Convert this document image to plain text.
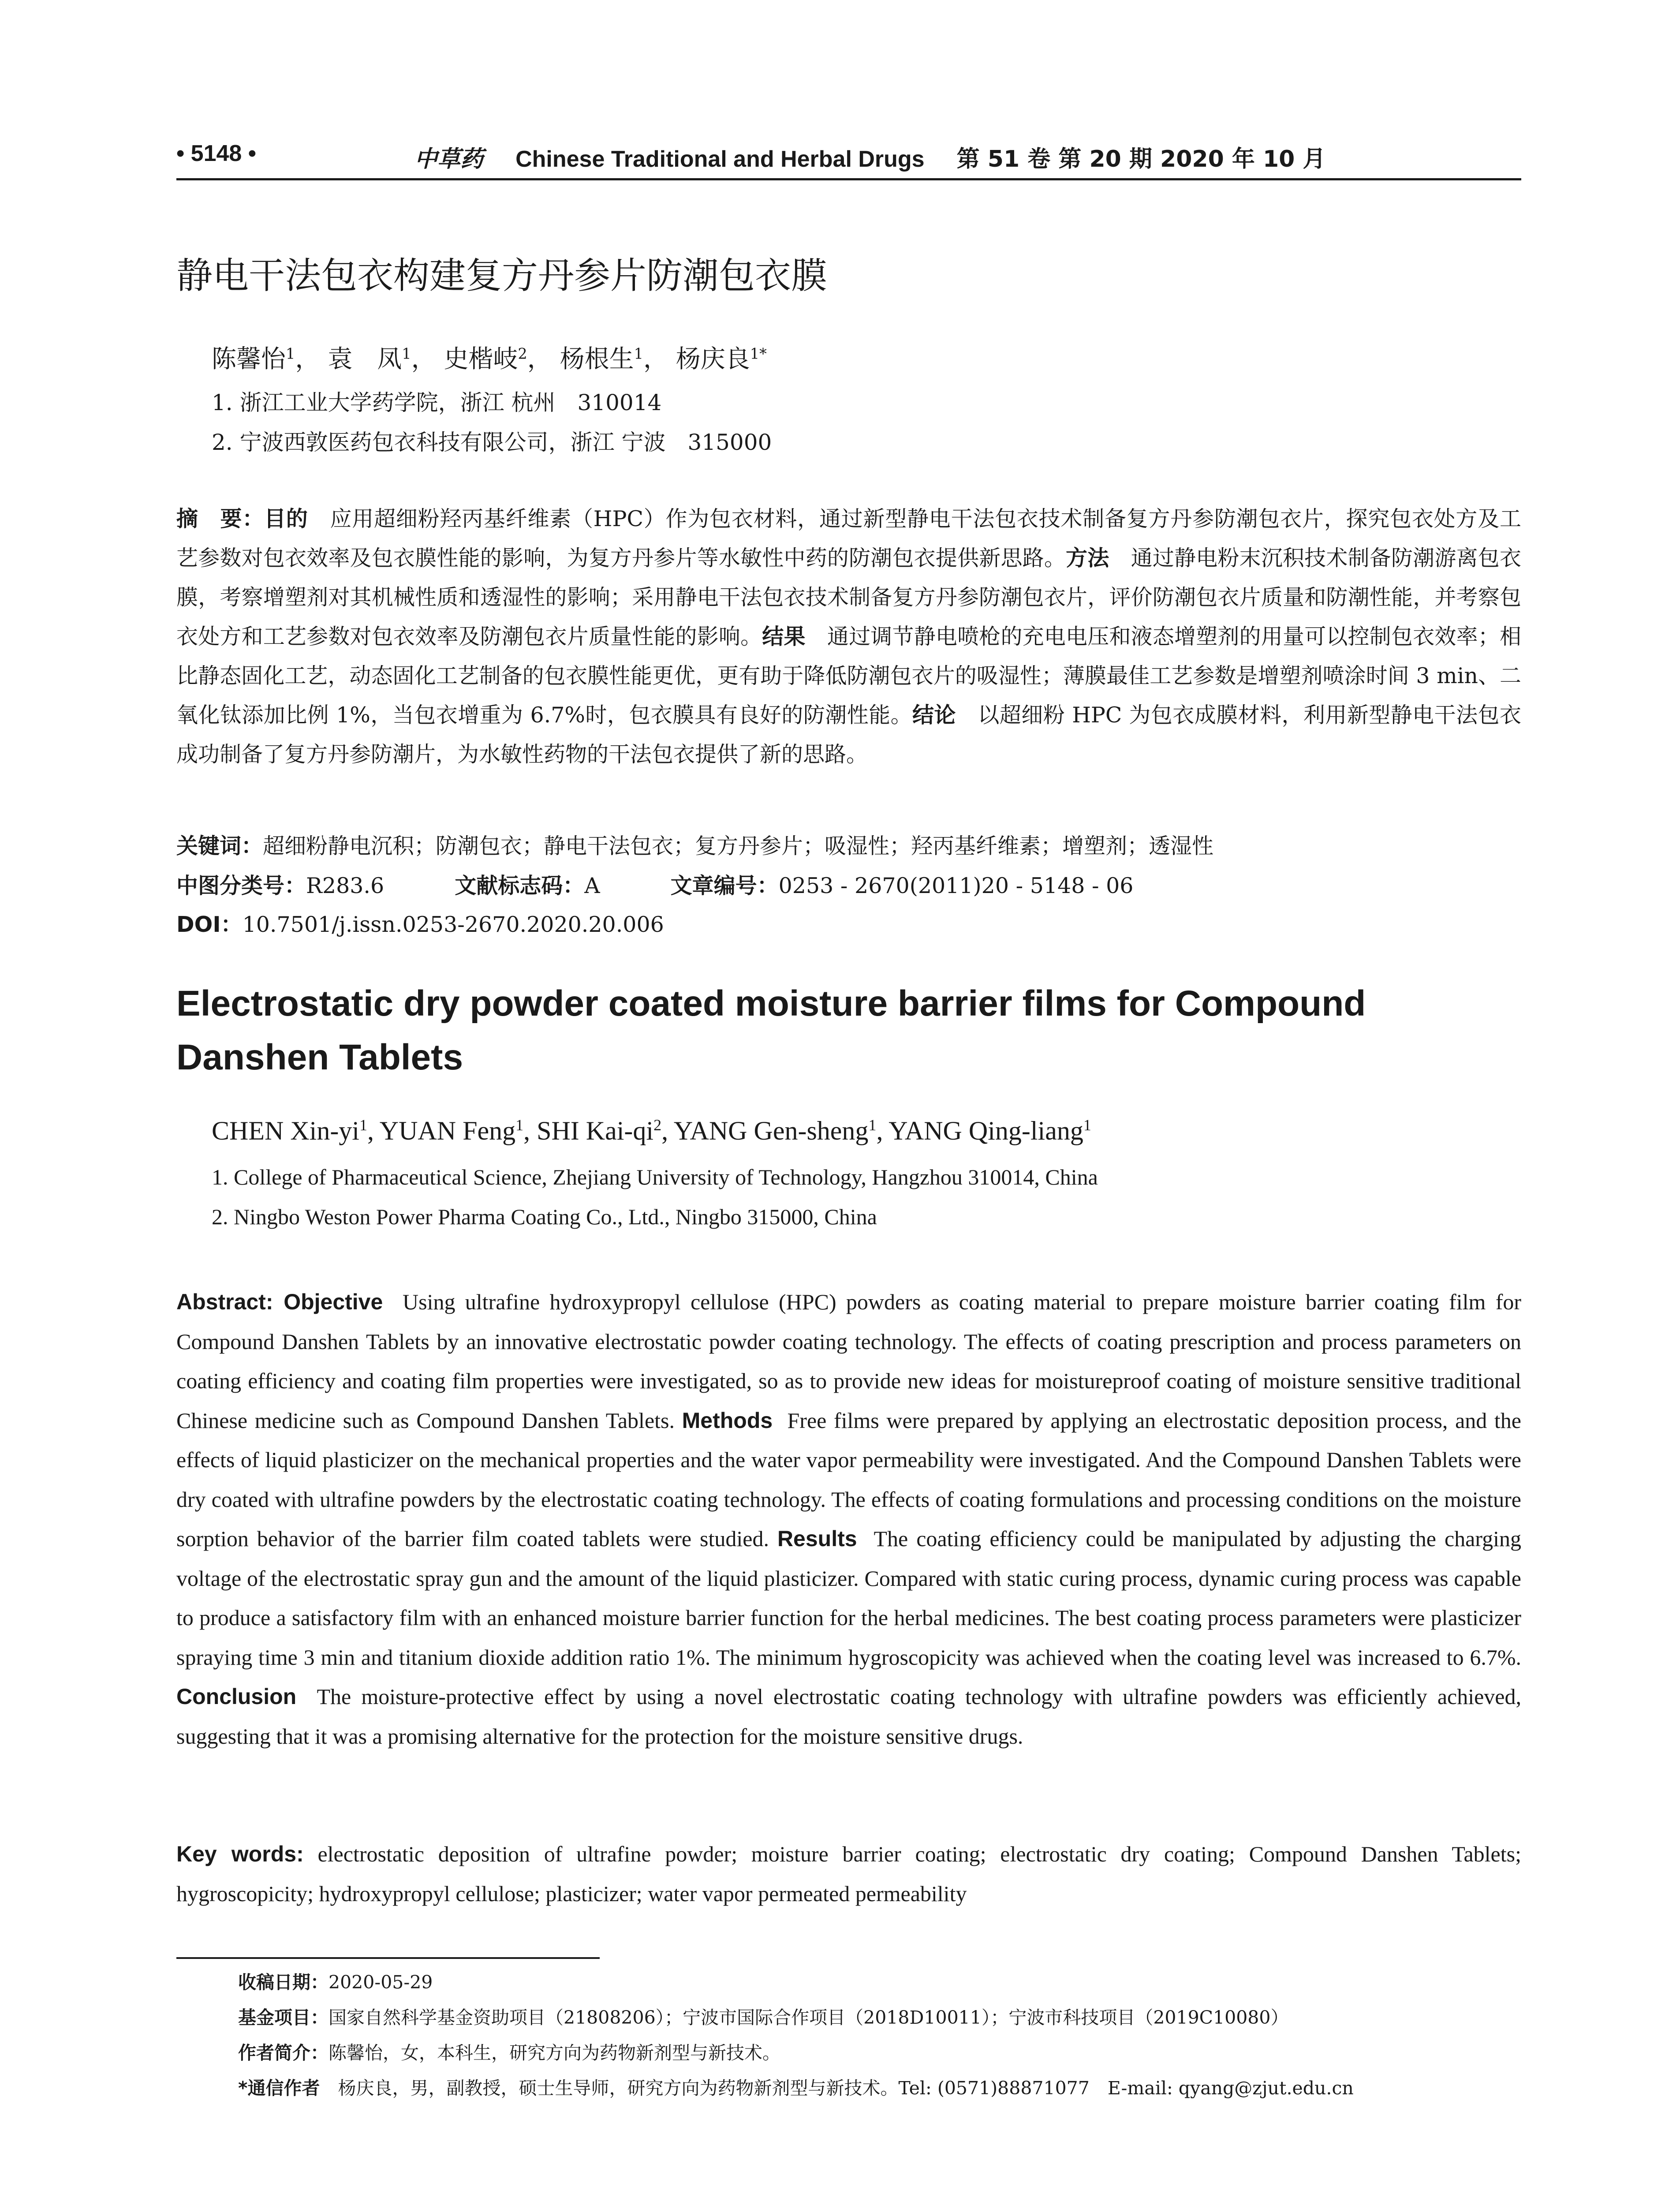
• 5148 •	中草药 Chinese Traditional and Herbal Drugs 第 51 卷 第 20 期 2020 年 10 月
静电干法包衣构建复方丹参片防潮包衣膜
陈馨怡$^1$， 袁　凤$^1$， 史楷岐$^2$， 杨根生$^1$， 杨庆良$^{1*}$
1. 浙江工业大学药学院，浙江 杭州　310014
2. 宁波西敦医药包衣科技有限公司，浙江 宁波　315000
摘　要：目的　 应用超细粉羟丙基纤维素（HPC）作为包衣材料，通过新型静电干法包衣技术制备复方丹参防潮包衣片，探究包衣处方及工艺参数对包衣效率及包衣膜性能的影响，为复方丹参片等水敏性中药的防潮包衣提供新思路。方法　 通过静电粉末沉积技术制备防潮游离包衣膜，考察增塑剂对其机械性质和透湿性的影响；采用静电干法包衣技术制备复方丹参防潮包衣片，评价防潮包衣片质量和防潮性能，并考察包衣处方和工艺参数对包衣效率及防潮包衣片质量性能的影响。结果　 通过调节静电喷枪的充电电压和液态增塑剂的用量可以控制包衣效率；相比静态固化工艺，动态固化工艺制备的包衣膜性能更优，更有助于降低防潮包衣片的吸湿性；薄膜最佳工艺参数是增塑剂喷涂时间 3 min、二氧化钛添加比例 1%，当包衣增重为 6.7%时，包衣膜具有良好的防潮性能。结论　 以超细粉 HPC 为包衣成膜材料，利用新型静电干法包衣成功制备了复方丹参防潮片，为水敏性药物的干法包衣提供了新的思路。
关键词：超细粉静电沉积；防潮包衣；静电干法包衣；复方丹参片；吸湿性；羟丙基纤维素；增塑剂；透湿性
中图分类号：R283.6	文献标志码：A	文章编号：0253 - 2670(2011)20 - 5148 - 06
DOI：10.7501/j.issn.0253-2670.2020.20.006
Electrostatic dry powder coated moisture barrier films for Compound Danshen Tablets
CHEN Xin-$yi^1$, YUAN Feng$^1$, SHI Kai-$qi^2$, YANG Gen-sheng$^1$, YANG Qing-liang$^1$
1. College of Pharmaceutical Science, Zhejiang University of Technology, Hangzhou 310014, China
2. Ningbo Weston Power Pharma Coating Co., Ltd., Ningbo 315000, China
Abstract: Objective Using ultrafine hydroxypropyl cellulose (HPC) powders as coating material to prepare moisture barrier coating film for Compound Danshen Tablets by an innovative electrostatic powder coating technology. The effects of coating prescription and process parameters on coating efficiency and coating film properties were investigated, so as to provide new ideas for moistureproof coating of moisture sensitive traditional Chinese medicine such as Compound Danshen Tablets. Methods Free films were prepared by applying an electrostatic deposition process, and the effects of liquid plasticizer on the mechanical properties and the water vapor permeability were investigated. And the Compound Danshen Tablets were dry coated with ultrafine powders by the electrostatic coating technology. The effects of coating formulations and processing conditions on the moisture sorption behavior of the barrier film coated tablets were studied. Results The coating efficiency could be manipulated by adjusting the charging voltage of the electrostatic spray gun and the amount of the liquid plasticizer. Compared with static curing process, dynamic curing process was capable to produce a satisfactory film with an enhanced moisture barrier function for the herbal medicines. The best coating process parameters were plasticizer spraying time 3 min and titanium dioxide addition ratio 1%. The minimum hygroscopicity was achieved when the coating level was increased to 6.7%. Conclusion The moisture-protective effect by using a novel electrostatic coating technology with ultrafine powders was efficiently achieved, suggesting that it was a promising alternative for the protection for the moisture sensitive drugs.
Key words: electrostatic deposition of ultrafine powder; moisture barrier coating; electrostatic dry coating; Compound Danshen Tablets; hygroscopicity; hydroxypropyl cellulose; plasticizer; water vapor permeated permeability
收稿日期：2020-05-29
基金项目：国家自然科学基金资助项目（21808206）；宁波市国际合作项目（2018D10011）；宁波市科技项目（2019C10080）
作者简介：陈馨怡，女，本科生，研究方向为药物新剂型与新技术。
*通信作者　杨庆良，男，副教授，硕士生导师，研究方向为药物新剂型与新技术。Tel: (0571)88871077　E-mail: qyang@zjut.edu.cn
